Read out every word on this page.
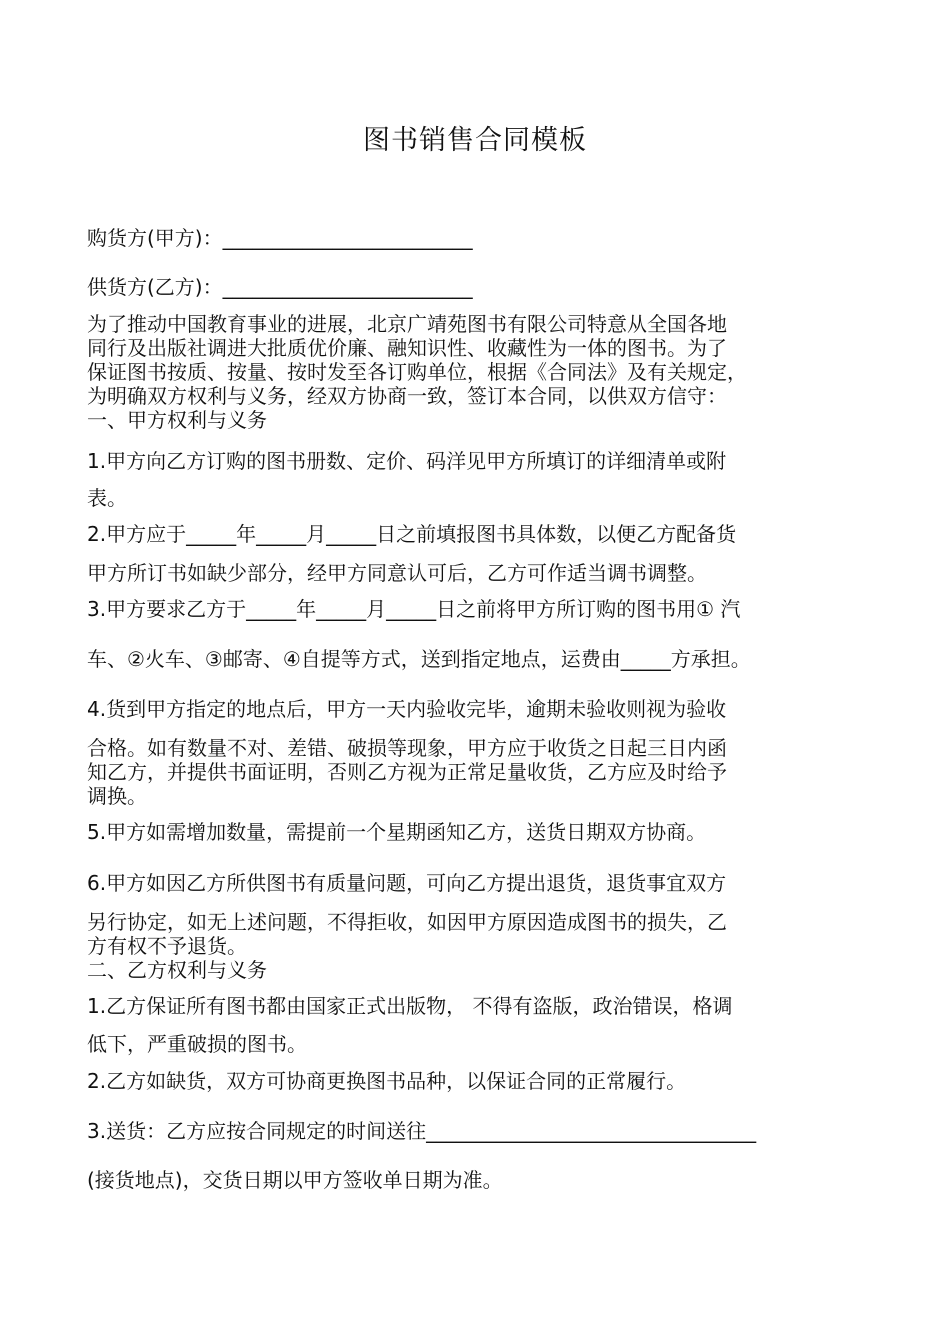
图书销售合同模板
购货方(甲方)：_________________________
供货方(乙方)：_________________________
为了推动中国教育事业的进展，北京广靖苑图书有限公司特意从全国各地
同行及出版社调进大批质优价廉、融知识性、收藏性为一体的图书。为了
保证图书按质、按量、按时发至各订购单位，根据《合同法》及有关规定，
为明确双方权利与义务，经双方协商一致，签订本合同，以供双方信守：
一、甲方权利与义务
1.甲方向乙方订购的图书册数、定价、码洋见甲方所填订的详细清单或附
表。
2.甲方应于_____年_____月_____日之前填报图书具体数，以便乙方配备货
甲方所订书如缺少部分，经甲方同意认可后，乙方可作适当调书调整。
3.甲方要求乙方于_____年_____月_____日之前将甲方所订购的图书用① 汽
车、②火车、③邮寄、④自提等方式，送到指定地点，运费由_____方承担。
4.货到甲方指定的地点后，甲方一天内验收完毕，逾期未验收则视为验收
合格。如有数量不对、差错、破损等现象，甲方应于收货之日起三日内函
知乙方，并提供书面证明，否则乙方视为正常足量收货，乙方应及时给予
调换。
5.甲方如需增加数量，需提前一个星期函知乙方，送货日期双方协商。
6.甲方如因乙方所供图书有质量问题，可向乙方提出退货，退货事宜双方
另行协定，如无上述问题，不得拒收，如因甲方原因造成图书的损失，乙
方有权不予退货。
二、乙方权利与义务
1.乙方保证所有图书都由国家正式出版物， 不得有盗版，政治错误，格调
低下，严重破损的图书。
2.乙方如缺货，双方可协商更换图书品种，以保证合同的正常履行。
3.送货：乙方应按合同规定的时间送往_________________________________
(接货地点)，交货日期以甲方签收单日期为准。
